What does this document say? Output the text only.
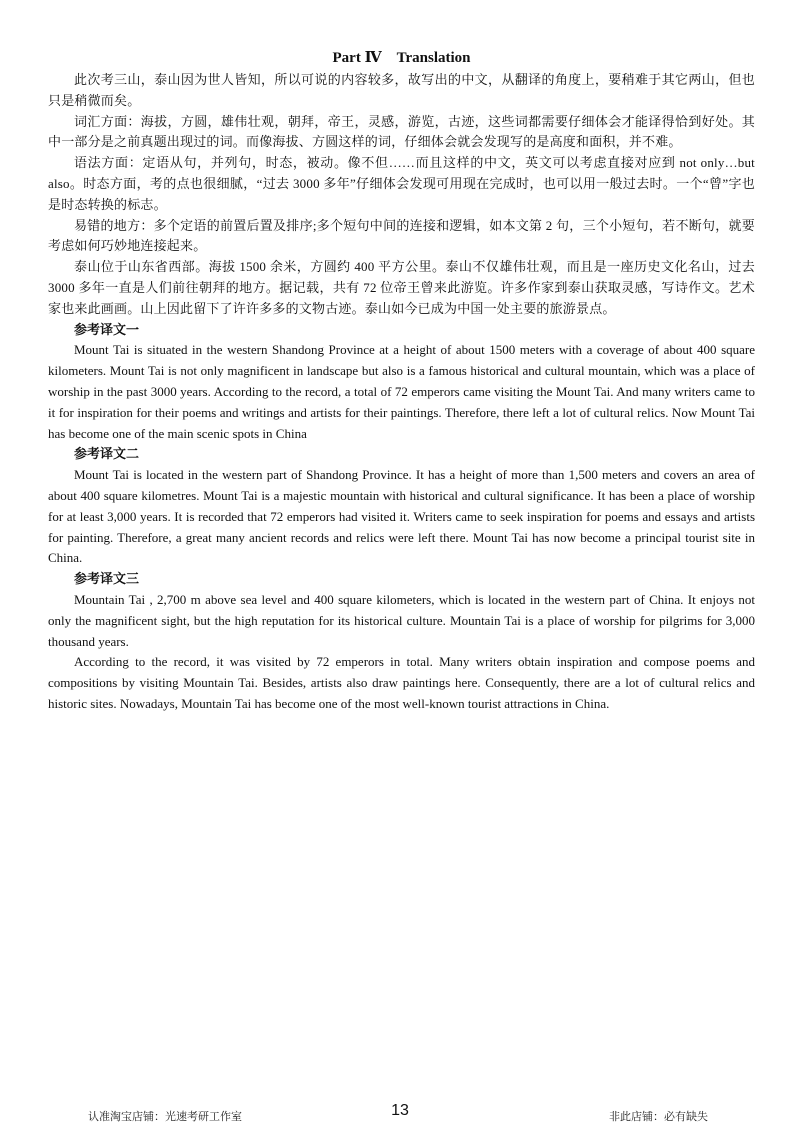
Part Ⅳ　Translation

此次考三山，泰山因为世人皆知，所以可说的内容较多，故写出的中文，从翻译的角度上，要稍难于其它两山，但也只是稍微而矣。

词汇方面：海拔，方圆，雄伟壮观，朝拜，帝王，灵感，游览，古迹，这些词都需要仔细体会才能译得恰到好处。其中一部分是之前真题出现过的词。而像海拔、方圆这样的词，仔细体会就会发现写的是高度和面积，并不难。

语法方面：定语从句，并列句，时态，被动。像不但……而且这样的中文，英文可以考虑直接对应到 not only…but also。时态方面，考的点也很细腻，“过去 3000 多年”仔细体会发现可用现在完成时，也可以用一般过去时。一个“曾”字也是时态转换的标志。

易错的地方：多个定语的前置后置及排序;多个短句中间的连接和逻辑，如本文第 2 句，三个小短句，若不断句，就要考虑如何巧妙地连接起来。

泰山位于山东省西部。海拔 1500 余米，方圆约 400 平方公里。泰山不仅雄伟壮观，而且是一座历史文化名山，过去 3000 多年一直是人们前往朝拜的地方。据记载，共有 72 位帝王曾来此游览。许多作家到泰山获取灵感，写诗作文。艺术家也来此画画。山上因此留下了许许多多的文物古迹。泰山如今已成为中国一处主要的旅游景点。

参考译文一

Mount Tai is situated in the western Shandong Province at a height of about 1500 meters with a coverage of about 400 square kilometers. Mount Tai is not only magnificent in landscape but also is a famous historical and cultural mountain, which was a place of worship in the past 3000 years. According to the record, a total of 72 emperors came visiting the Mount Tai. And many writers came to it for inspiration for their poems and writings and artists for their paintings. Therefore, there left a lot of cultural relics. Now Mount Tai has become one of the main scenic spots in China

参考译文二

Mount Tai is located in the western part of Shandong Province. It has a height of more than 1,500 meters and covers an area of about 400 square kilometres. Mount Tai is a majestic mountain with historical and cultural significance. It has been a place of worship for at least 3,000 years. It is recorded that 72 emperors had visited it. Writers came to seek inspiration for poems and essays and artists for painting. Therefore, a great many ancient records and relics were left there. Mount Tai has now become a principal tourist site in China.

参考译文三

Mountain Tai , 2,700 m above sea level and 400 square kilometers, which is located in the western part of China. It enjoys not only the magnificent sight, but the high reputation for its historical culture. Mountain Tai is a place of worship for pilgrims for 3,000 thousand years.

According to the record, it was visited by 72 emperors in total. Many writers obtain inspiration and compose poems and compositions by visiting Mountain Tai. Besides, artists also draw paintings here. Consequently, there are a lot of cultural relics and historic sites. Nowadays, Mountain Tai has become one of the most well-known tourist attractions in China.

认准淘宝店铺：光速考研工作室	13	非此店铺：必有缺失
